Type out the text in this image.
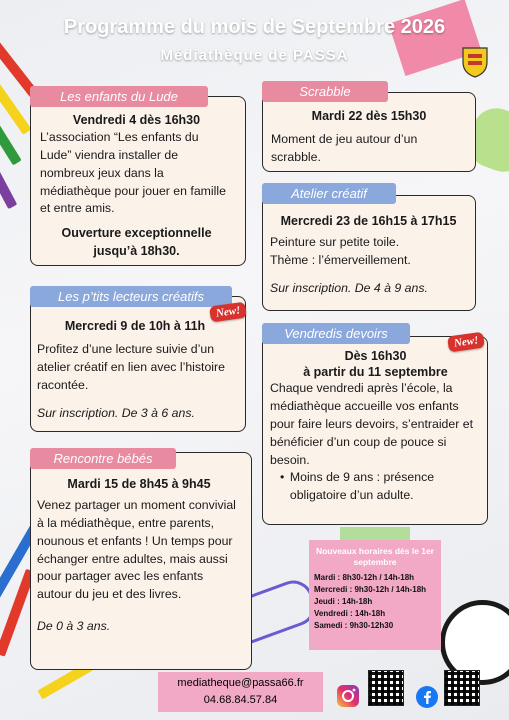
Programme du mois de Septembre 2026
Médiathèque de PASSA
Vendredi 4 dès 16h30

L’association “Les enfants du Lude” viendra installer de nombreux jeux dans la médiathèque pour jouer en famille et entre amis.

Ouverture exceptionnelle jusqu’à 18h30.

Les enfants du Lude
Mercredi 9 de 10h à 11h

Profitez d’une lecture suivie d’un atelier créatif en lien avec l’histoire racontée.

Sur inscription. De 3 à 6 ans.

Les p’tits lecteurs créatifs
New!
Mardi 15 de 8h45 à 9h45

Venez partager un moment convivial à la médiathèque, entre parents, nounous et enfants ! Un temps pour échanger entre adultes, mais aussi pour partager avec les enfants autour du jeu et des livres.

De 0 à 3 ans.

Rencontre bébés
Mardi 22 dès 15h30

Moment de jeu autour d’un scrabble.

Scrabble
Mercredi 23 de 16h15 à 17h15

Peinture sur petite toile.

Thème : l’émerveillement.

Sur inscription. De 4 à 9 ans.

Atelier créatif
Dès 16h30
à partir du 11 septembre

Chaque vendredi après l’école, la médiathèque accueille vos enfants pour faire leurs devoirs, s’entraider et bénéficier d’un coup de pouce si besoin.

• Moins de 9 ans : présence obligatoire d’un adulte.
Vendredis devoirs
New!
Nouveaux horaires dès le 1er septembre
Mardi : 8h30-12h / 14h-18h
Mercredi : 9h30-12h / 14h-18h
Jeudi : 14h-18h
Vendredi : 14h-18h
Samedi : 9h30-12h30
mediatheque@passa66.fr
04.68.84.57.84
